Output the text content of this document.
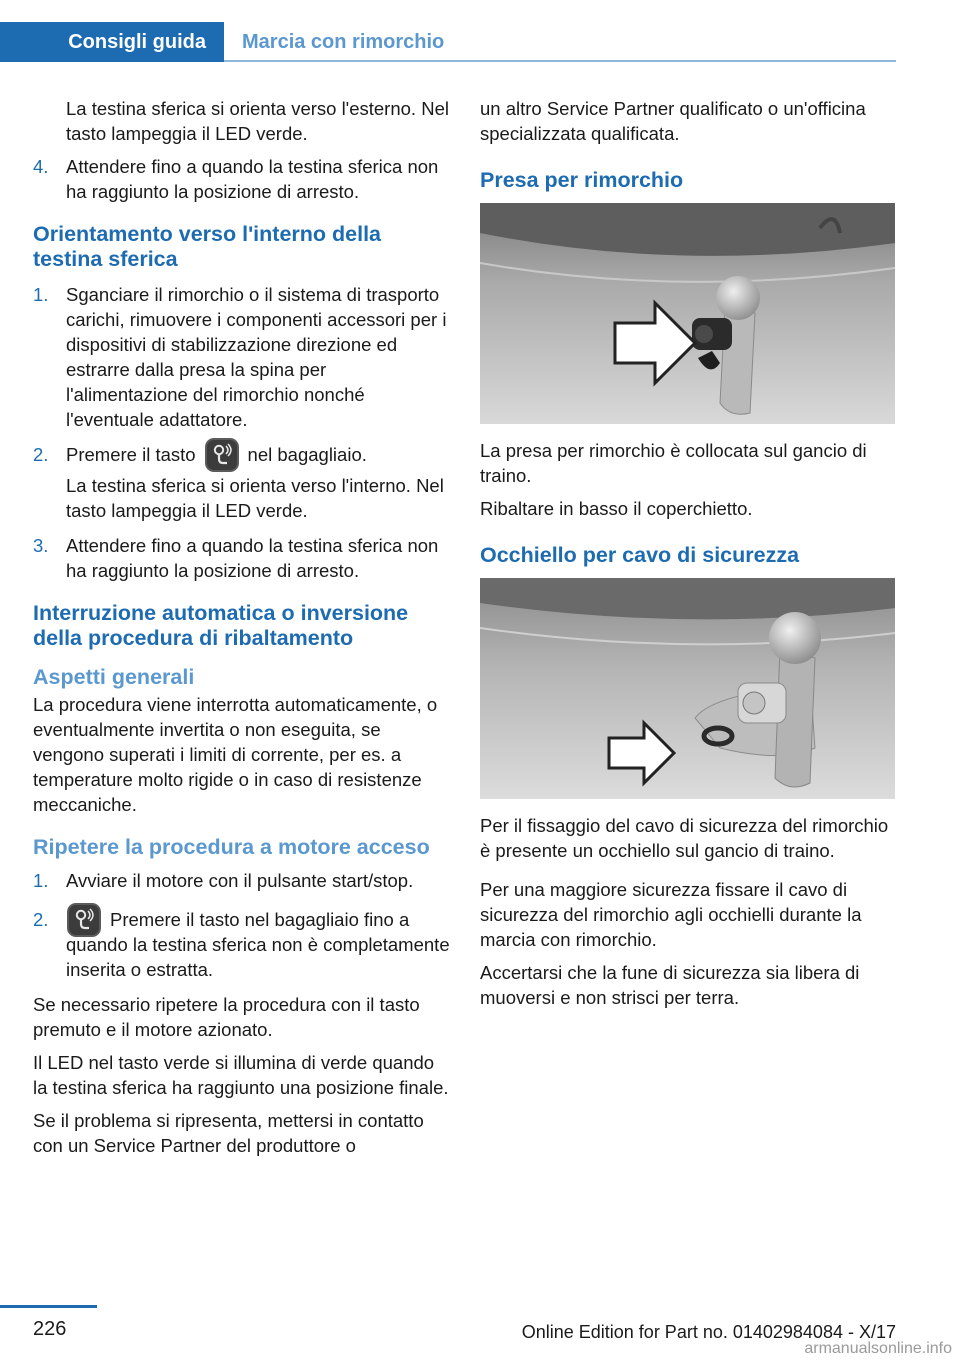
Consigli guida	Marcia con rimorchio
La testina sferica si orienta verso l'esterno. Nel tasto lampeggia il LED verde.
4. Attendere fino a quando la testina sferica non ha raggiunto la posizione di arresto.
Orientamento verso l'interno della testina sferica
1. Sganciare il rimorchio o il sistema di trasporto carichi, rimuovere i componenti accessori per i dispositivi di stabilizzazione direzione ed estrarre dalla presa la spina per l'alimentazione del rimorchio nonché l'eventuale adattatore.
2. Premere il tasto	nel bagagliaio.
La testina sferica si orienta verso l'interno. Nel tasto lampeggia il LED verde.
3. Attendere fino a quando la testina sferica non ha raggiunto la posizione di arresto.
Interruzione automatica o inversione della procedura di ribaltamento
Aspetti generali
La procedura viene interrotta automaticamente, o eventualmente invertita o non eseguita, se vengono superati i limiti di corrente, per es. a temperature molto rigide o in caso di resistenze meccaniche.
Ripetere la procedura a motore acceso
1. Avviare il motore con il pulsante start/stop.
2.	Premere il tasto nel bagagliaio fino a quando la testina sferica non è completamente inserita o estratta.
Se necessario ripetere la procedura con il tasto premuto e il motore azionato.
Il LED nel tasto verde si illumina di verde quando la testina sferica ha raggiunto una posizione finale.
Se il problema si ripresenta, mettersi in contatto con un Service Partner del produttore o
un altro Service Partner qualificato o un'officina specializzata qualificata.
Presa per rimorchio
La presa per rimorchio è collocata sul gancio di traino.
Ribaltare in basso il coperchietto.
Occhiello per cavo di sicurezza
Per il fissaggio del cavo di sicurezza del rimorchio è presente un occhiello sul gancio di traino.
Per una maggiore sicurezza fissare il cavo di sicurezza del rimorchio agli occhielli durante la marcia con rimorchio.
Accertarsi che la fune di sicurezza sia libera di muoversi e non strisci per terra.
226	Online Edition for Part no. 01402984084 - X/17
armanualsonline.info
